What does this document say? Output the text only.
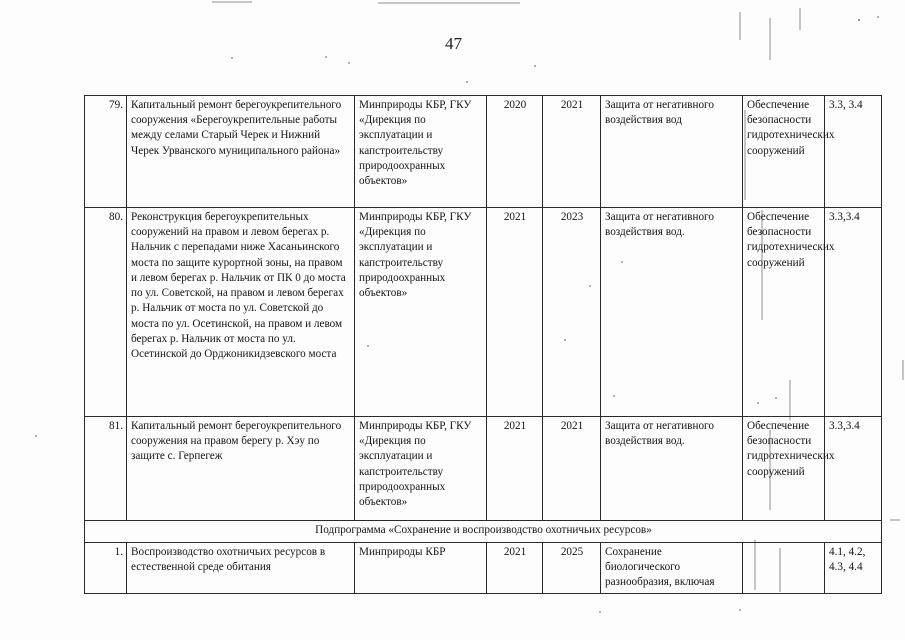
47
79.	Капитальный ремонт берегоукрепительного сооружения «Берегоукрепительные работы между селами Старый Черек и Нижний Черек Урванского муниципального района»	Минприроды КБР, ГКУ «Дирекция по эксплуатации и капстроительству природоохранных объектов»	2020	2021	Защита от негативного воздействия вод	Обеспечение безопасности гидротехнических сооружений	3.3, 3.4
80.	Реконструкция берегоукрепительных сооружений на правом и левом берегах р. Нальчик с перепадами ниже Хасаньинского моста по защите курортной зоны, на правом и левом берегах р. Нальчик от ПК 0 до моста по ул. Советской, на правом и левом берегах р. Нальчик от моста по ул. Советской до моста по ул. Осетинской, на правом и левом берегах р. Нальчик от моста по ул. Осетинской до Орджоникидзевского моста	Минприроды КБР, ГКУ «Дирекция по эксплуатации и капстроительству природоохранных объектов»	2021	2023	Защита от негативного воздействия вод.	Обеспечение безопасности гидротехнических сооружений	3.3,3.4
81.	Капитальный ремонт берегоукрепительного сооружения на правом берегу р. Хэу по защите с. Герпегеж	Минприроды КБР, ГКУ «Дирекция по эксплуатации и капстроительству природоохранных объектов»	2021	2021	Защита от негативного воздействия вод.	Обеспечение безопасности гидротехнических сооружений	3.3,3.4
Подпрограмма «Сохранение и воспроизводство охотничьих ресурсов»							
1.	Воспроизводство охотничьих ресурсов в естественной среде обитания	Минприроды КБР	2021	2025	Сохранение биологического разнообразия, включая		4.1, 4.2, 4.3, 4.4
